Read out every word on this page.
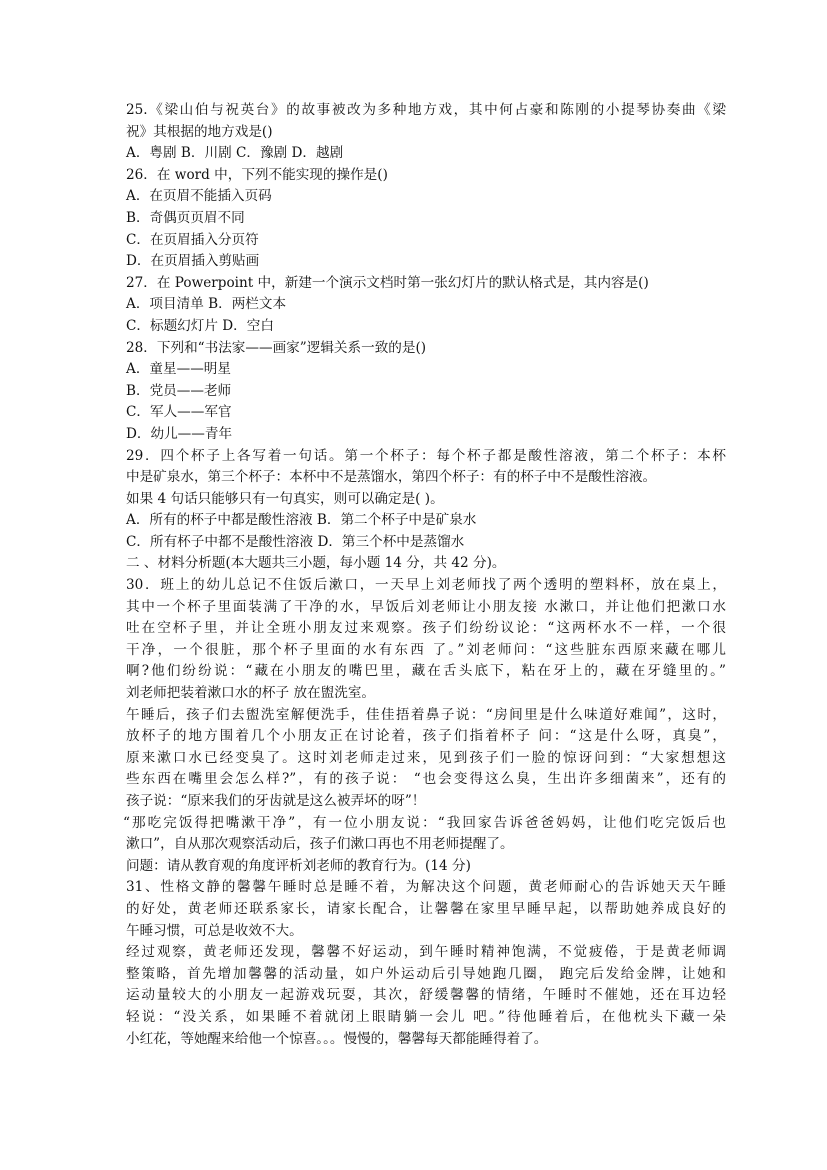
25.《梁山伯与祝英台》的故事被改为多种地方戏，其中何占豪和陈刚的小提琴协奏曲《梁
祝》其根据的地方戏是()
A．粤剧 B．川剧 C．豫剧 D．越剧
26．在 word 中，下列不能实现的操作是()
A．在页眉不能插入页码
B．奇偶页页眉不同
C．在页眉插入分页符
D．在页眉插入剪贴画
27．在 Powerpoint 中，新建一个演示文档时第一张幻灯片的默认格式是，其内容是()
A．项目清单 B．两栏文本
C．标题幻灯片 D．空白
28．下列和“书法家——画家”逻辑关系一致的是()
A．童星——明星
B．党员——老师
C．军人——军官
D．幼儿——青年
29．四个杯子上各写着一句话。第一个杯子：每个杯子都是酸性溶液，第二个杯子：本杯
中是矿泉水，第三个杯子：本杯中不是蒸馏水，第四个杯子：有的杯子中不是酸性溶液。
如果 4 句话只能够只有一句真实，则可以确定是( )。
A．所有的杯子中都是酸性溶液 B．第二个杯子中是矿泉水
C．所有杯子中都不是酸性溶液 D．第三个杯中是蒸馏水
二 、材料分析题(本大题共三小题，每小题 14 分，共 42 分)。
30．班上的幼儿总记不住饭后漱口，一天早上刘老师找了两个透明的塑料杯，放在桌上，
其中一个杯子里面装满了干净的水，早饭后刘老师让小朋友接 水漱口，并让他们把漱口水
吐在空杯子里，并让全班小朋友过来观察。孩子们纷纷议论：“这两杯水不一样，一个很
干净，一个很脏，那个杯子里面的水有东西 了。”刘老师问：“这些脏东西原来藏在哪儿
啊?他们纷纷说：“藏在小朋友的嘴巴里，藏在舌头底下，粘在牙上的，藏在牙缝里的。”
刘老师把装着漱口水的杯子 放在盥洗室。
午睡后，孩子们去盥洗室解便洗手，佳佳捂着鼻子说：“房间里是什么味道好难闻”，这时，
放杯子的地方围着几个小朋友正在讨论着，孩子们指着杯子 问：“这是什么呀，真臭”，
原来漱口水已经变臭了。这时刘老师走过来，见到孩子们一脸的惊讶问到：“大家想想这
些东西在嘴里会怎么样?”，有的孩子说： “也会变得这么臭，生出许多细菌来”，还有的
孩子说：“原来我们的牙齿就是这么被弄坏的呀”！
“那吃完饭得把嘴漱干净”，有一位小朋友说：“我回家告诉爸爸妈妈，让他们吃完饭后也
漱口”，自从那次观察活动后，孩子们漱口再也不用老师提醒了。
问题：请从教育观的角度评析刘老师的教育行为。(14 分)
31、性格文静的馨馨午睡时总是睡不着，为解决这个问题，黄老师耐心的告诉她天天午睡
的好处，黄老师还联系家长，请家长配合，让馨馨在家里早睡早起，以帮助她养成良好的
午睡习惯，可总是收效不大。
经过观察，黄老师还发现，馨馨不好运动，到午睡时精神饱满，不觉疲倦，于是黄老师调
整策略，首先增加馨馨的活动量，如户外运动后引导她跑几圈， 跑完后发给金牌，让她和
运动量较大的小朋友一起游戏玩耍，其次，舒缓馨馨的情绪，午睡时不催她，还在耳边轻
轻说：“没关系，如果睡不着就闭上眼睛躺一会儿 吧。”待他睡着后，在他枕头下藏一朵
小红花，等她醒来给他一个惊喜。。。慢慢的，馨馨每天都能睡得着了。
